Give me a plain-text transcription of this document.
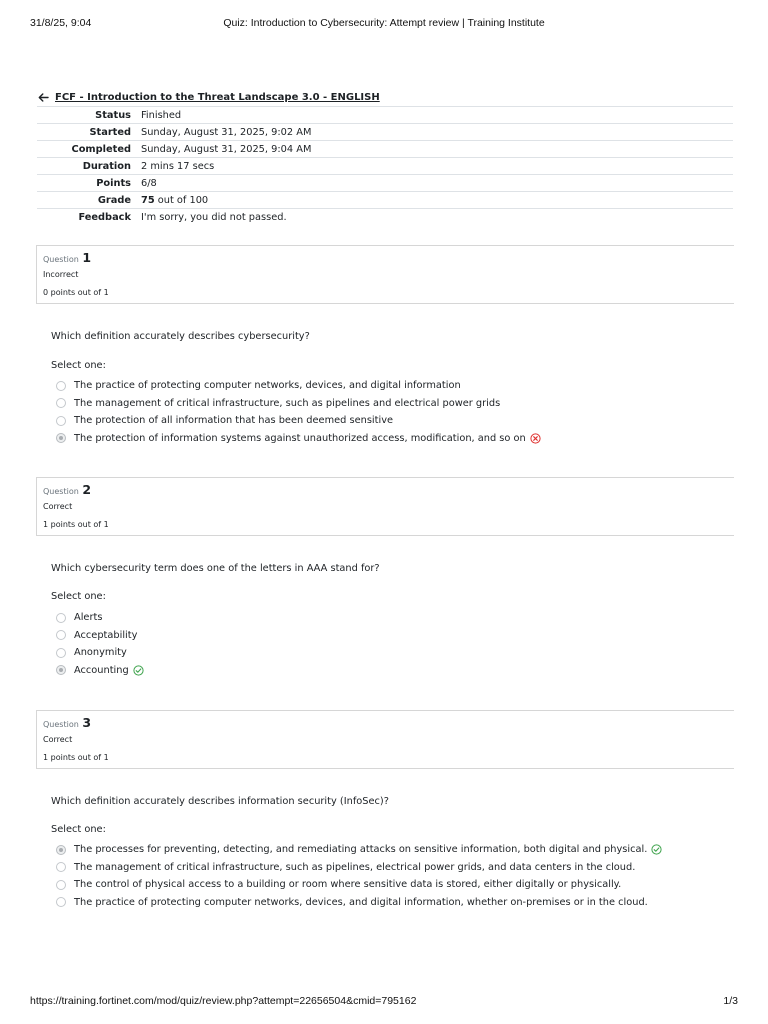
31/8/25, 9:04	Quiz: Introduction to Cybersecurity: Attempt review | Training Institute
FCF - Introduction to the Threat Landscape 3.0 - ENGLISH
Status	Finished
Started	Sunday, August 31, 2025, 9:02 AM
Completed	Sunday, August 31, 2025, 9:04 AM
Duration	2 mins 17 secs
Points	6/8
Grade	75 out of 100
Feedback	I'm sorry, you did not passed.
Question 1
Incorrect
0 points out of 1
Which definition accurately describes cybersecurity?
Select one:
The practice of protecting computer networks, devices, and digital information
The management of critical infrastructure, such as pipelines and electrical power grids
The protection of all information that has been deemed sensitive
The protection of information systems against unauthorized access, modification, and so on
Question 2
Correct
1 points out of 1
Which cybersecurity term does one of the letters in AAA stand for?
Select one:
Alerts
Acceptability
Anonymity
Accounting
Question 3
Correct
1 points out of 1
Which definition accurately describes information security (InfoSec)?
Select one:
The processes for preventing, detecting, and remediating attacks on sensitive information, both digital and physical.
The management of critical infrastructure, such as pipelines, electrical power grids, and data centers in the cloud.
The control of physical access to a building or room where sensitive data is stored, either digitally or physically.
The practice of protecting computer networks, devices, and digital information, whether on-premises or in the cloud.
https://training.fortinet.com/mod/quiz/review.php?attempt=22656504&cmid=795162	1/3
